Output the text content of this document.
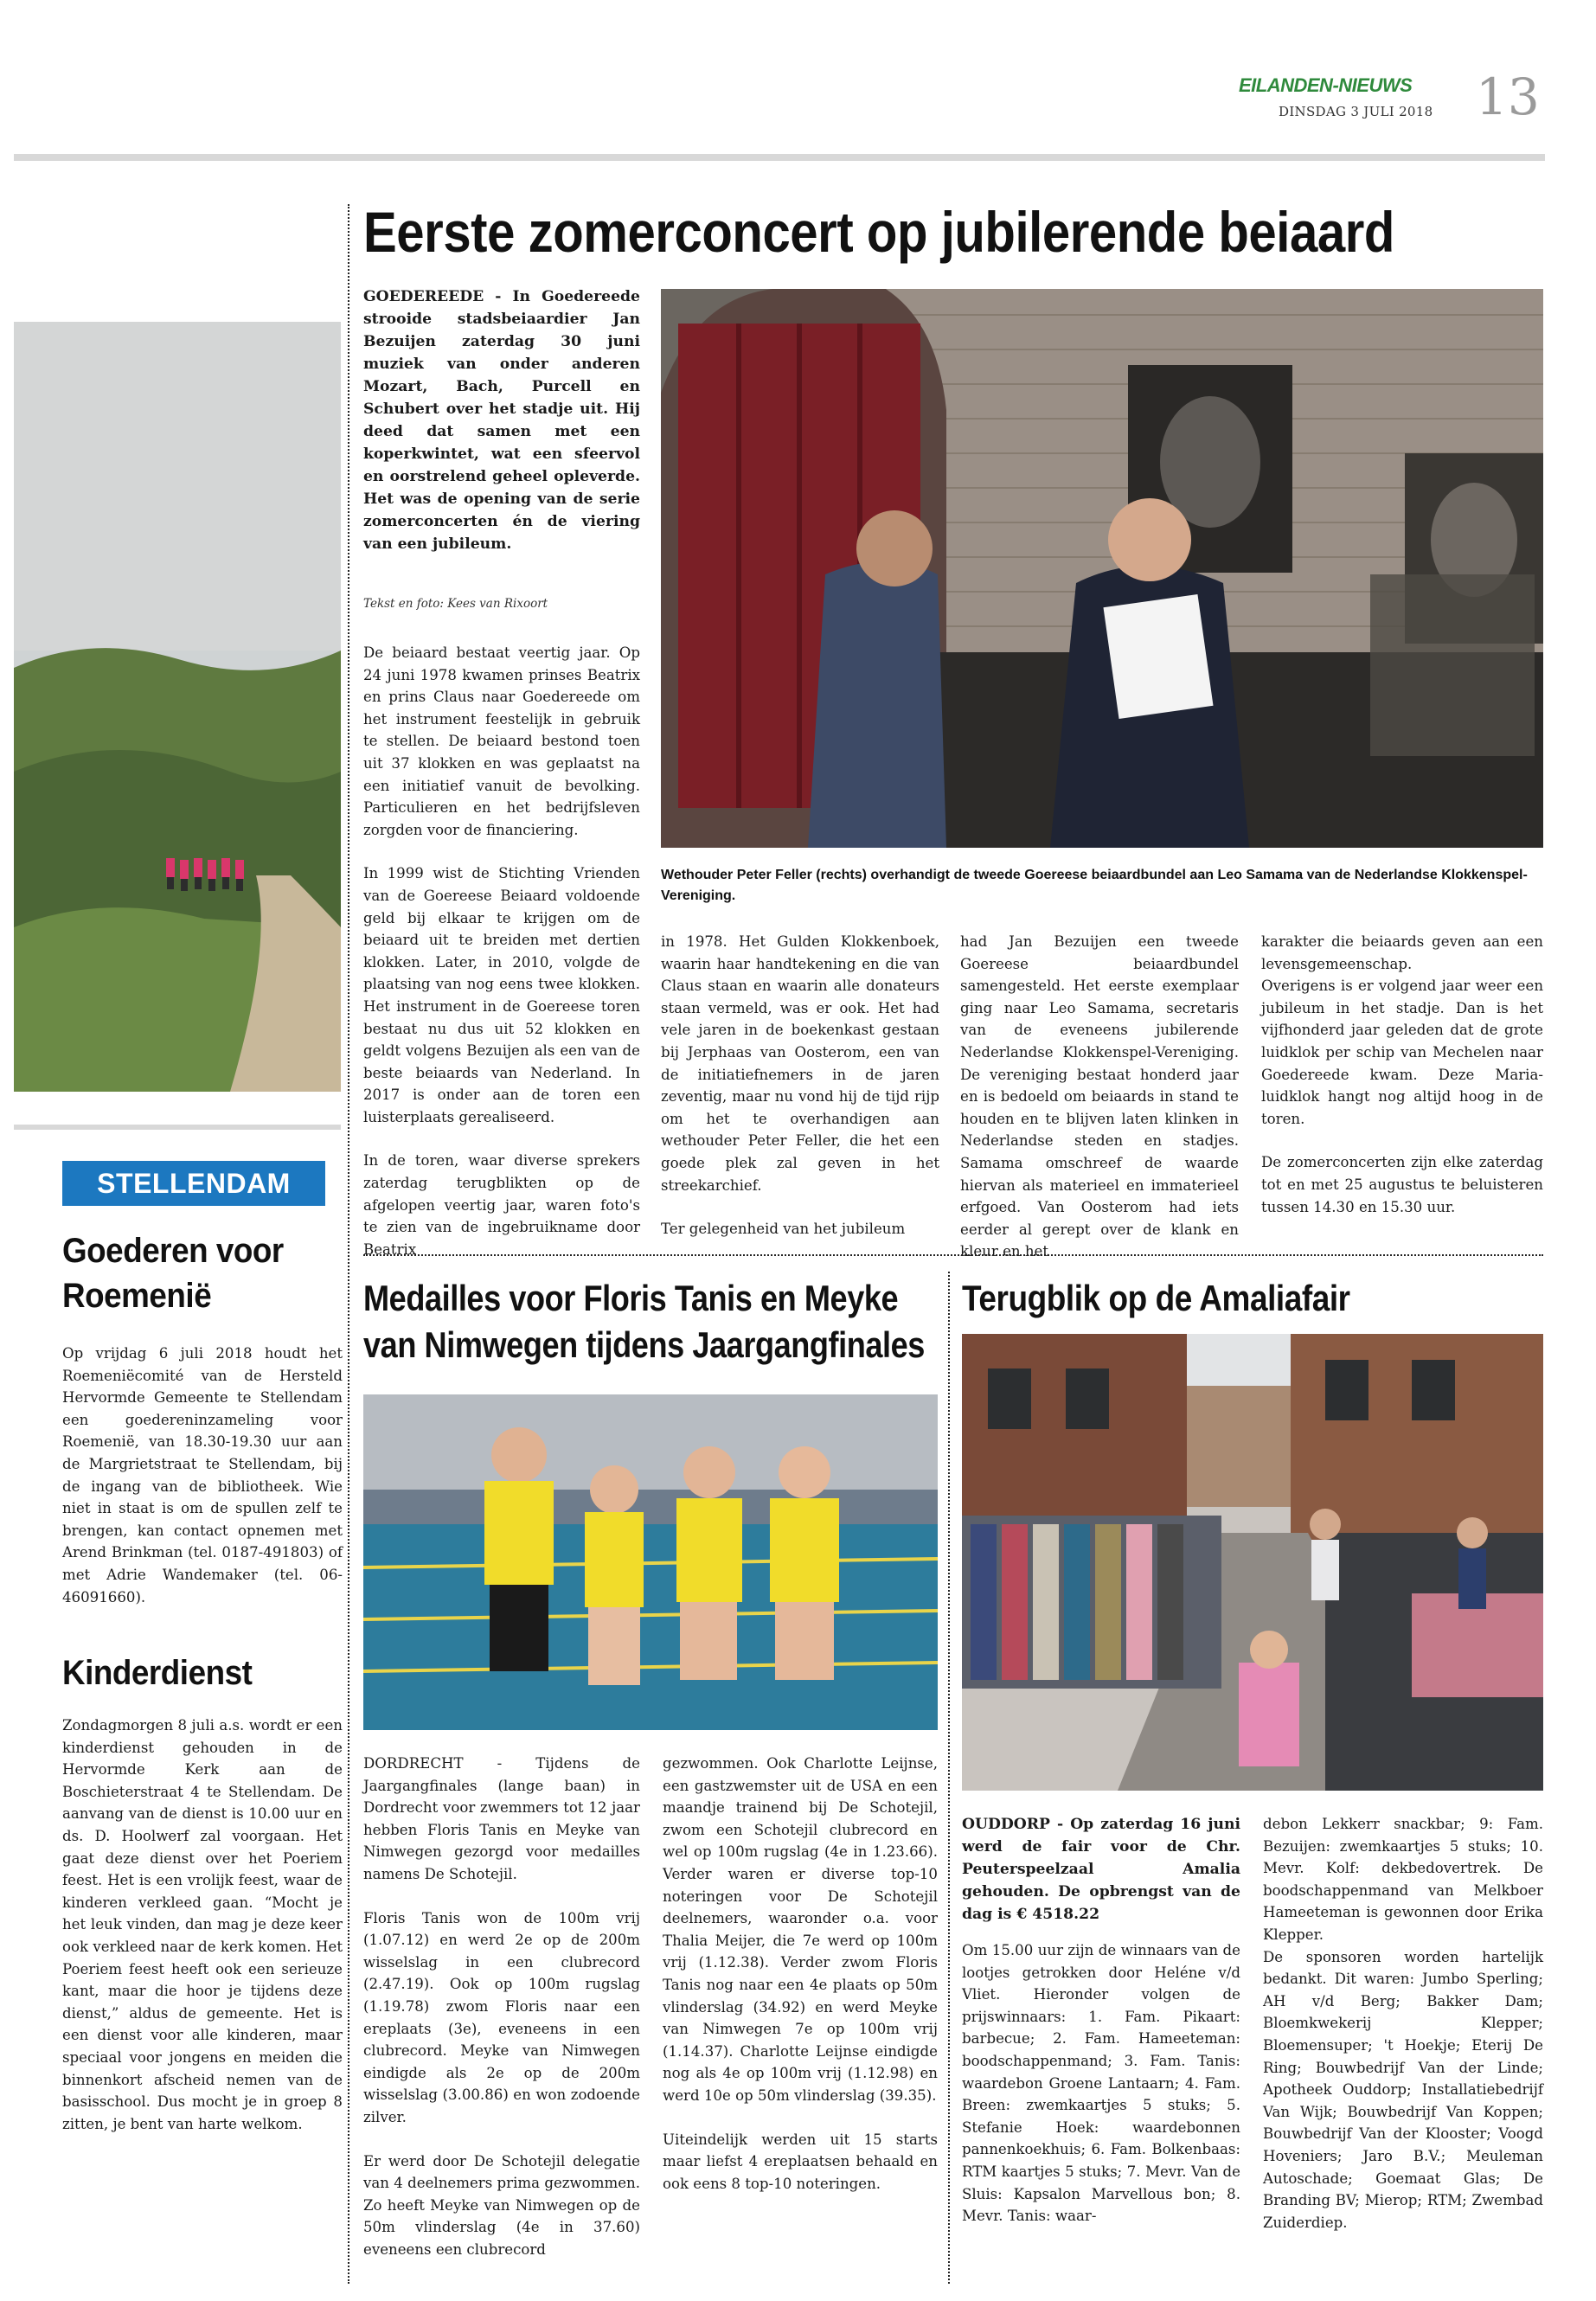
EILANDEN-NIEUWS
DINSDAG 3 JULI 2018 13
Eerste zomerconcert op jubilerende beiaard
GOEDEREEDE - In Goedereede strooide stadsbeiaardier Jan Bezuijen zaterdag 30 juni muziek van onder anderen Mozart, Bach, Purcell en Schubert over het stadje uit. Hij deed dat samen met een koperkwintet, wat een sfeervol en oorstrelend geheel opleverde. Het was de opening van de serie zomerconcerten én de viering van een jubileum.
Tekst en foto: Kees van Rixoort
Wethouder Peter Feller (rechts) overhandigt de tweede Goereese beiaardbundel aan Leo Samama van de Nederlandse Klokkenspel-Vereniging.

De beiaard bestaat veertig jaar. Op 24 juni 1978 kwamen prinses Beatrix en prins Claus naar Goedereede om het instrument feestelijk in gebruik te stellen. De beiaard bestond toen uit 37 klokken en was geplaatst na een initiatief vanuit de bevolking. Particulieren en het bedrijfsleven zorgden voor de financiering.

In 1999 wist de Stichting Vrienden van de Goereese Beiaard voldoende geld bij elkaar te krijgen om de beiaard uit te breiden met dertien klokken. Later, in 2010, volgde de plaatsing van nog eens twee klokken. Het instrument in de Goereese toren bestaat nu dus uit 52 klokken en geldt volgens Bezuijen als een van de beste beiaards van Nederland. In 2017 is onder aan de toren een luisterplaats gerealiseerd.

In de toren, waar diverse sprekers zaterdag terugblikten op de afgelopen veertig jaar, waren foto's te zien van de ingebruikname door Beatrix

in 1978. Het Gulden Klokkenboek, waarin haar handtekening en die van Claus staan en waarin alle donateurs staan vermeld, was er ook. Het had vele jaren in de boekenkast gestaan bij Jerphaas van Oosterom, een van de initiatiefnemers in de jaren zeventig, maar nu vond hij de tijd rijp om het te overhandigen aan wethouder Peter Feller, die het een goede plek zal geven in het streekarchief.

Ter gelegenheid van het jubileum

had Jan Bezuijen een tweede Goereese beiaardbundel samengesteld. Het eerste exemplaar ging naar Leo Samama, secretaris van de eveneens jubilerende Nederlandse Klokkenspel-Vereniging. De vereniging bestaat honderd jaar en is bedoeld om beiaards in stand te houden en te blijven laten klinken in Nederlandse steden en stadjes. Samama omschreef de waarde hiervan als materieel en immaterieel erfgoed. Van Oosterom had iets eerder al gerept over de klank en kleur en het

karakter die beiaards geven aan een levensgemeenschap.

Overigens is er volgend jaar weer een jubileum in het stadje. Dan is het vijfhonderd jaar geleden dat de grote luidklok per schip van Mechelen naar Goedereede kwam. Deze Maria-luidklok hangt nog altijd hoog in de toren.

De zomerconcerten zijn elke zaterdag tot en met 25 augustus te beluisteren tussen 14.30 en 15.30 uur.

STELLENDAM
Goederen voor
Roemenië
Op vrijdag 6 juli 2018 houdt het Roemeniëcomité van de Hersteld Hervormde Gemeente te Stellendam een goedereninzameling voor Roemenië, van 18.30-19.30 uur aan de Margrietstraat te Stellendam, bij de ingang van de bibliotheek. Wie niet in staat is om de spullen zelf te brengen, kan contact opnemen met Arend Brinkman (tel. 0187-491803) of met Adrie Wandemaker (tel. 06-46091660).
Kinderdienst
Zondagmorgen 8 juli a.s. wordt er een kinderdienst gehouden in de Hervormde Kerk aan de Boschieterstraat 4 te Stellendam. De aanvang van de dienst is 10.00 uur en ds. D. Hoolwerf zal voorgaan. Het gaat deze dienst over het Poeriem feest. Het is een vrolijk feest, waar de kinderen verkleed gaan. “Mocht je het leuk vinden, dan mag je deze keer ook verkleed naar de kerk komen. Het Poeriem feest heeft ook een serieuze kant, maar die hoor je tijdens deze dienst,” aldus de gemeente. Het is een dienst voor alle kinderen, maar speciaal voor jongens en meiden die binnenkort afscheid nemen van de basisschool. Dus mocht je in groep 8 zitten, je bent van harte welkom.
Medailles voor Floris Tanis en Meyke
van Nimwegen tijdens Jaargangfinales

DORDRECHT - Tijdens de Jaargangfinales (lange baan) in Dordrecht voor zwemmers tot 12 jaar hebben Floris Tanis en Meyke van Nimwegen gezorgd voor medailles namens De Schotejil.

Floris Tanis won de 100m vrij (1.07.12) en werd 2e op de 200m wisselslag in een clubrecord (2.47.19). Ook op 100m rugslag (1.19.78) zwom Floris naar een ereplaats (3e), eveneens in een clubrecord. Meyke van Nimwegen eindigde als 2e op de 200m wisselslag (3.00.86) en won zodoende zilver.

Er werd door De Schotejil delegatie van 4 deelnemers prima gezwommen. Zo heeft Meyke van Nimwegen op de 50m vlinderslag (4e in 37.60) eveneens een clubrecord

gezwommen. Ook Charlotte Leijnse, een gastzwemster uit de USA en een maandje trainend bij De Schotejil, zwom een Schotejil clubrecord en wel op 100m rugslag (4e in 1.23.66). Verder waren er diverse top-10 noteringen voor De Schotejil deelnemers, waaronder o.a. voor Thalia Meijer, die 7e werd op 100m vrij (1.12.38). Verder zwom Floris Tanis nog naar een 4e plaats op 50m vlinderslag (34.92) en werd Meyke van Nimwegen 7e op 100m vrij (1.14.37). Charlotte Leijnse eindigde nog als 4e op 100m vrij (1.12.98) en werd 10e op 50m vlinderslag (39.35).

Uiteindelijk werden uit 15 starts maar liefst 4 ereplaatsen behaald en ook eens 8 top-10 noteringen.

Terugblik op de Amaliafair
OUDDORP - Op zaterdag 16 juni werd de fair voor de Chr. Peuterspeelzaal Amalia gehouden. De opbrengst van de dag is € 4518.22
Om 15.00 uur zijn de winnaars van de lootjes getrokken door Heléne v/d Vliet. Hieronder volgen de prijswinnaars: 1. Fam. Pikaart: barbecue; 2. Fam. Hameeteman: boodschappenmand; 3. Fam. Tanis: waardebon Groene Lantaarn; 4. Fam. Breen: zwemkaartjes 5 stuks; 5. Stefanie Hoek: waardebonnen pannenkoekhuis; 6. Fam. Bolkenbaas: RTM kaartjes 5 stuks; 7. Mevr. Van de Sluis: Kapsalon Marvellous bon; 8. Mevr. Tanis: waar-

debon Lekkerr snackbar; 9: Fam. Bezuijen: zwemkaartjes 5 stuks; 10. Mevr. Kolf: dekbedovertrek. De boodschappenmand van Melkboer Hameeteman is gewonnen door Erika Klepper.

De sponsoren worden hartelijk bedankt. Dit waren: Jumbo Sperling; AH v/d Berg; Bakker Dam; Bloemkwekerij Klepper; Bloemensuper; 't Hoekje; Eterij De Ring; Bouwbedrijf Van der Linde; Apotheek Ouddorp; Installatiebedrijf Van Wijk; Bouwbedrijf Van Koppen; Bouwbedrijf Van der Klooster; Voogd Hoveniers; Jaro B.V.; Meuleman Autoschade; Goemaat Glas; De Branding BV; Mierop; RTM; Zwembad Zuiderdiep.
